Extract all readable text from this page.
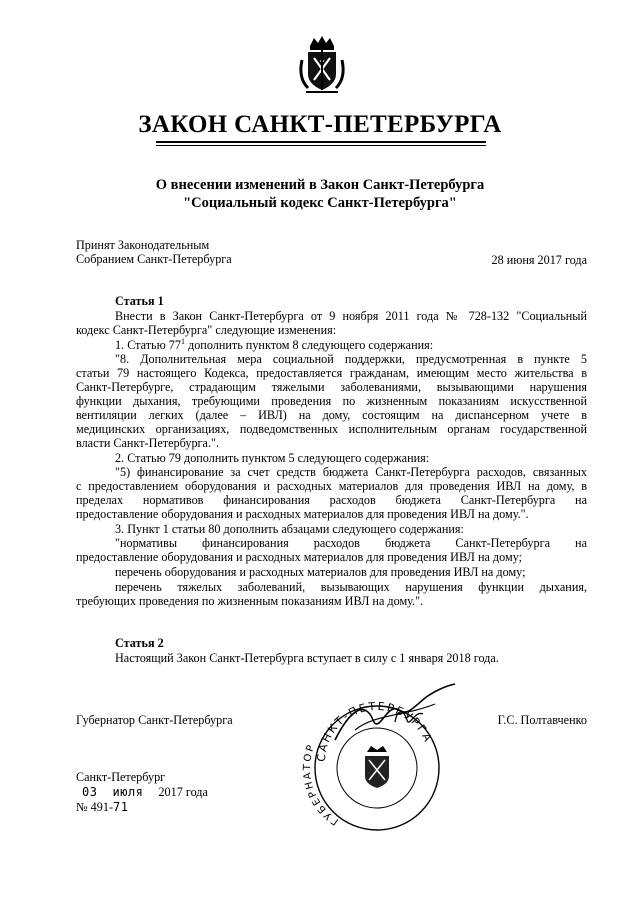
ЗАКОН САНКТ-ПЕТЕРБУРГА
О внесении изменений в Закон Санкт-Петербурга
"Социальный кодекс Санкт-Петербурга"
Принят Законодательным
Собранием Санкт-Петербурга	28 июня 2017 года
Статья 1
Внести в Закон Санкт-Петербурга от 9 ноября 2011 года № 728-132 "Социальный
кодекс Санкт-Петербурга" следующие изменения:
1. Статью $77^1$ дополнить пунктом 8 следующего содержания:
"8. Дополнительная мера социальной поддержки, предусмотренная в пункте 5
статьи 79 настоящего Кодекса, предоставляется гражданам, имеющим место жительства в
Санкт-Петербурге, страдающим тяжелыми заболеваниями, вызывающими нарушения
функции дыхания, требующими проведения по жизненным показаниям искусственной
вентиляции легких (далее – ИВЛ) на дому, состоящим на диспансерном учете в
медицинских организациях, подведомственных исполнительным органам государственной
власти Санкт-Петербурга.".
2. Статью 79 дополнить пунктом 5 следующего содержания:
"5) финансирование за счет средств бюджета Санкт-Петербурга расходов, связанных
с предоставлением оборудования и расходных материалов для проведения ИВЛ на дому, в
пределах нормативов финансирования расходов бюджета Санкт-Петербурга на
предоставление оборудования и расходных материалов для проведения ИВЛ на дому.".
3. Пункт 1 статьи 80 дополнить абзацами следующего содержания:
"нормативы финансирования расходов бюджета Санкт-Петербурга на
предоставление оборудования и расходных материалов для проведения ИВЛ на дому;
перечень оборудования и расходных материалов для проведения ИВЛ на дому;
перечень тяжелых заболеваний, вызывающих нарушения функции дыхания,
требующих проведения по жизненным показаниям ИВЛ на дому.".
Статья 2
Настоящий Закон Санкт-Петербурга вступает в силу с 1 января 2018 года.
САНКТ-ПЕТЕРБУРГА
ГУБЕРНАТОР
Губернатор Санкт-Петербурга	Г.С. Полтавченко
Санкт-Петербург
03 июля 2017 года
№ 491-71
